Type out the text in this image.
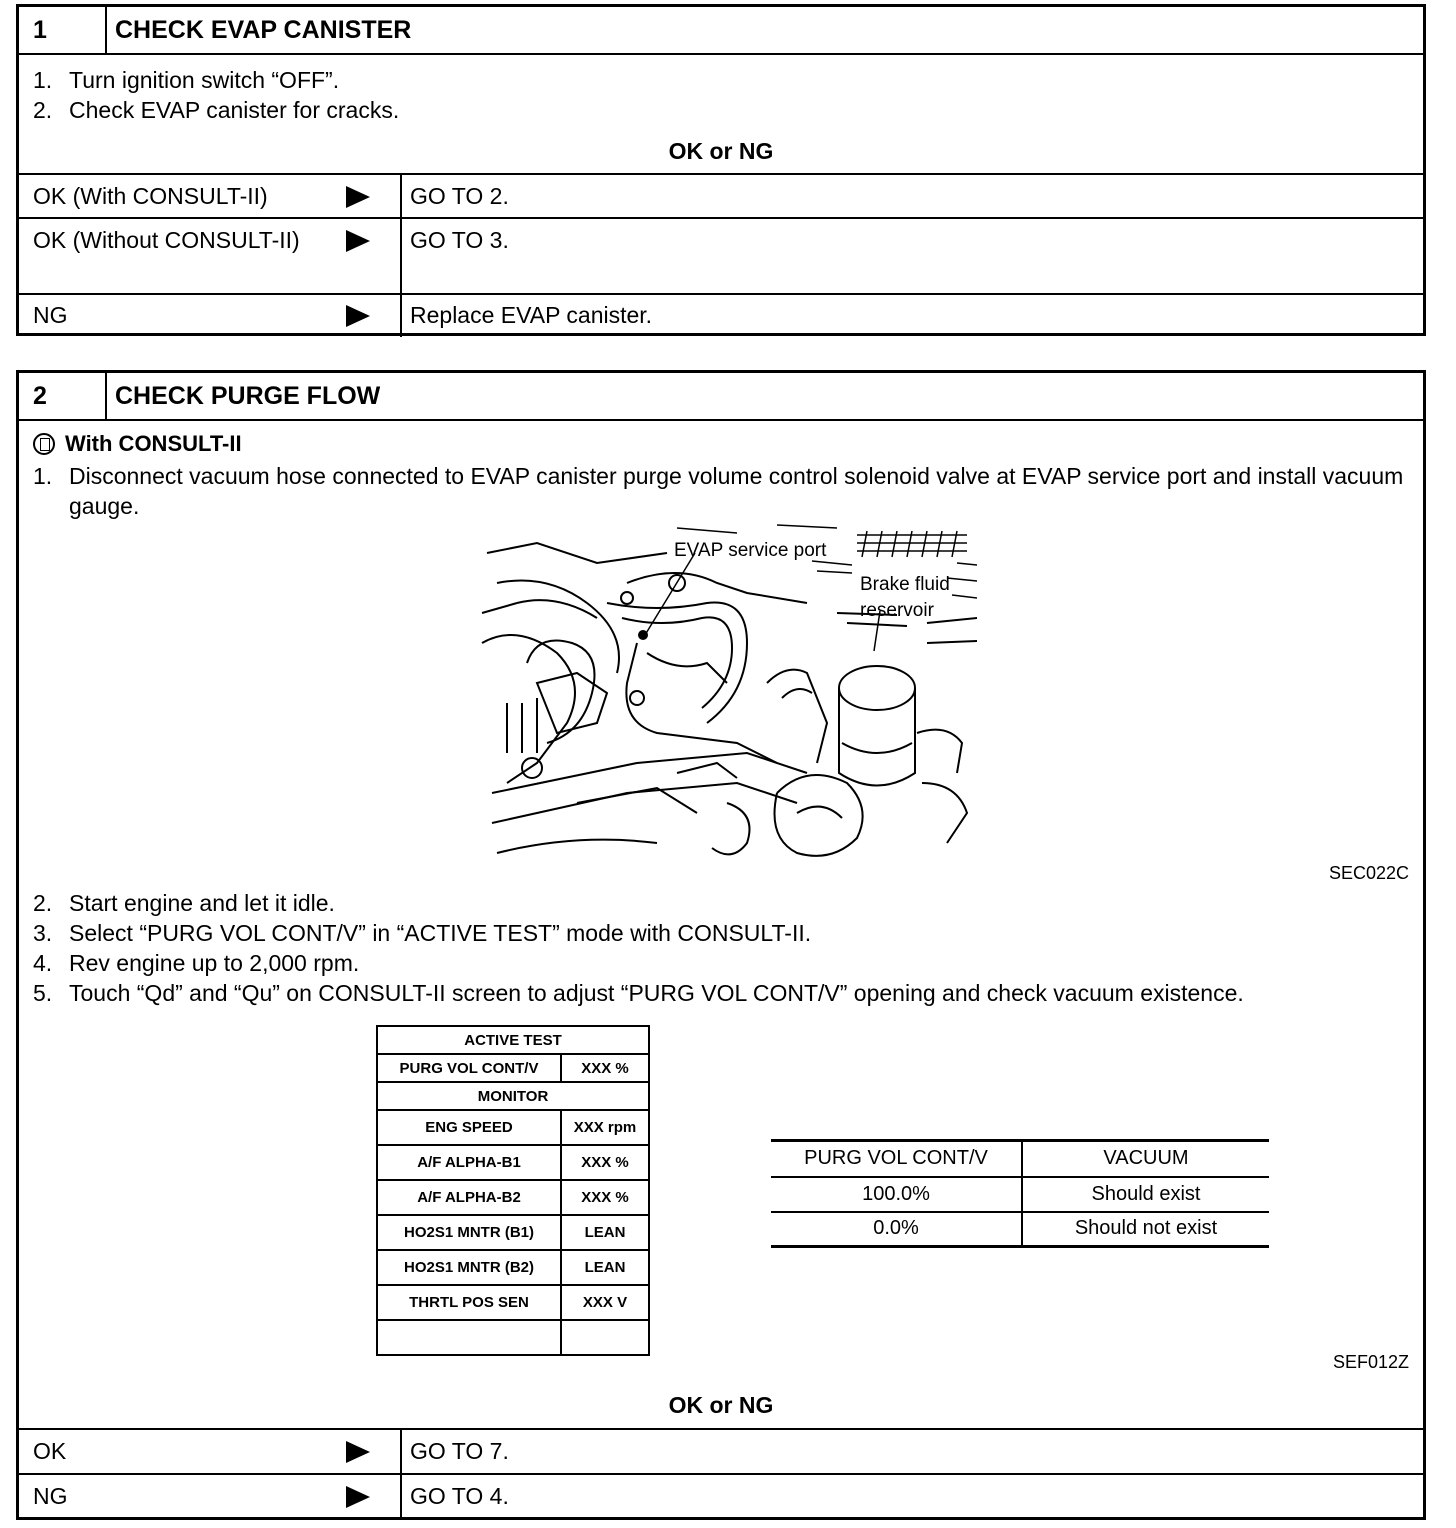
1	CHECK EVAP CANISTER
1. Turn ignition switch “OFF”.
2. Check EVAP canister for cracks.
OK or NG
OK (With CONSULT-II)	GO TO 2.
OK (Without CONSULT-II)	GO TO 3.
NG	Replace EVAP canister.
2	CHECK PURGE FLOW
With CONSULT-II
1. Disconnect vacuum hose connected to EVAP canister purge volume control solenoid valve at EVAP service port and install vacuum gauge.
EVAP service port
Brake fluid
reservoir
SEC022C
2. Start engine and let it idle.
3. Select “PURG VOL CONT/V” in “ACTIVE TEST” mode with CONSULT-II.
4. Rev engine up to 2,000 rpm.
5. Touch “Qd” and “Qu” on CONSULT-II screen to adjust “PURG VOL CONT/V” opening and check vacuum existence.
ACTIVE TEST	
PURG VOL CONT/V	XXX %
MONITOR	
ENG SPEED	XXX rpm
A/F ALPHA-B1	XXX %
A/F ALPHA-B2	XXX %
HO2S1 MNTR (B1)	LEAN
HO2S1 MNTR (B2)	LEAN
THRTL POS SEN	XXX V

PURG VOL CONT/V	VACUUM
100.0%	Should exist
0.0%	Should not exist
SEF012Z
OK or NG
OK	GO TO 7.
NG	GO TO 4.
